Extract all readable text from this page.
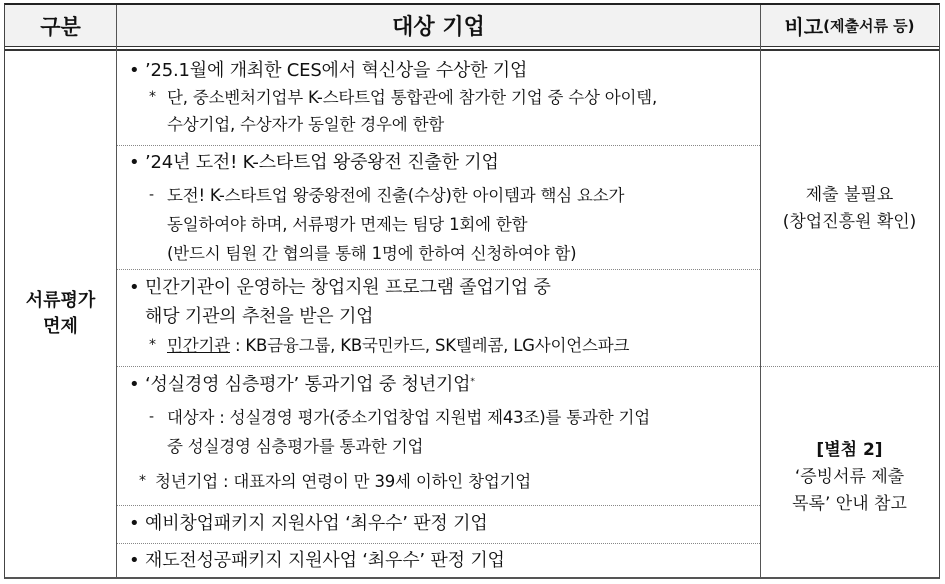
구분	대상 기업	비고 (제출서류 등)
서류평가
면제
• ’25.1월에 개최한 CES에서 혁신상을 수상한 기업
* 단, 중소벤처기업부 K-스타트업 통합관에 참가한 기업 중 수상 아이템,
수상기업, 수상자가 동일한 경우에 한함
• ’24년 도전! K-스타트업 왕중왕전 진출한 기업
- 도전! K-스타트업 왕중왕전에 진출(수상)한 아이템과 핵심 요소가
동일하여야 하며, 서류평가 면제는 팀당 1회에 한함
(반드시 팀원 간 협의를 통해 1명에 한하여 신청하여야 함)
• 민간기관이 운영하는 창업지원 프로그램 졸업기업 중
해당 기관의 추천을 받은 기업
* 민간기관 : KB금융그룹, KB국민카드, SK텔레콤, LG사이언스파크
• ‘성실경영 심층평가’ 통과기업 중 청년기업*
- 대상자 : 성실경영 평가(중소기업창업 지원법 제43조)를 통과한 기업
중 성실경영 심층평가를 통과한 기업
* 청년기업 : 대표자의 연령이 만 39세 이하인 창업기업
• 예비창업패키지 지원사업 ‘최우수’ 판정 기업
• 재도전성공패키지 지원사업 ‘최우수’ 판정 기업
제출 불필요
(창업진흥원 확인)
[별첨 2]
‘증빙서류 제출
목록’ 안내 참고
